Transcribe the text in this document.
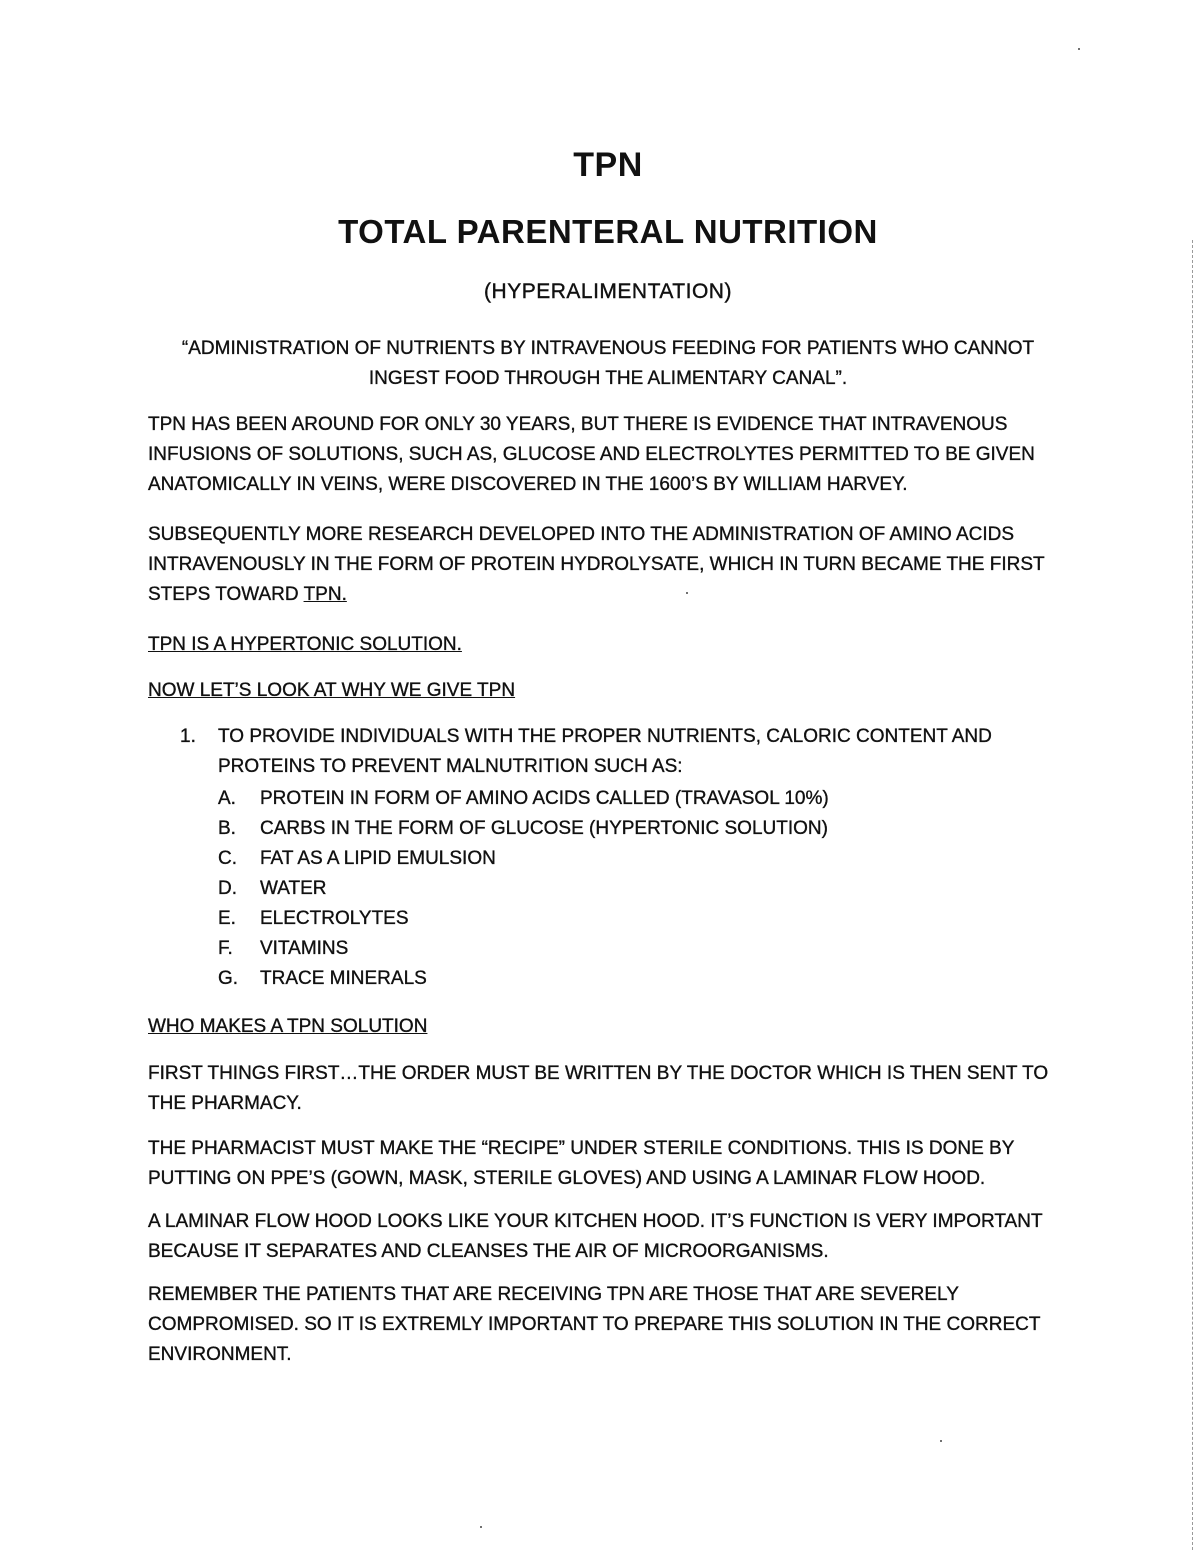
TPN
TOTAL PARENTERAL NUTRITION
(HYPERALIMENTATION)

“ADMINISTRATION OF NUTRIENTS BY INTRAVENOUS FEEDING FOR PATIENTS WHO CANNOT INGEST FOOD THROUGH THE ALIMENTARY CANAL”.

TPN HAS BEEN AROUND FOR ONLY 30 YEARS, BUT THERE IS EVIDENCE THAT INTRAVENOUS INFUSIONS OF SOLUTIONS, SUCH AS, GLUCOSE AND ELECTROLYTES PERMITTED TO BE GIVEN ANATOMICALLY IN VEINS, WERE DISCOVERED IN THE 1600’S BY WILLIAM HARVEY.

SUBSEQUENTLY MORE RESEARCH DEVELOPED INTO THE ADMINISTRATION OF AMINO ACIDS INTRAVENOUSLY IN THE FORM OF PROTEIN HYDROLYSATE, WHICH IN TURN BECAME THE FIRST STEPS TOWARD TPN.

TPN IS A HYPERTONIC SOLUTION.

NOW LET’S LOOK AT WHY WE GIVE TPN

1.	TO PROVIDE INDIVIDUALS WITH THE PROPER NUTRIENTS, CALORIC CONTENT AND PROTEINS TO PREVENT MALNUTRITION SUCH AS:
A.	PROTEIN IN FORM OF AMINO ACIDS CALLED (TRAVASOL 10%)
B.	CARBS IN THE FORM OF GLUCOSE (HYPERTONIC SOLUTION)
C.	FAT AS A LIPID EMULSION
D.	WATER
E.	ELECTROLYTES
F.	VITAMINS
G.	TRACE MINERALS

WHO MAKES A TPN SOLUTION

FIRST THINGS FIRST…THE ORDER MUST BE WRITTEN BY THE DOCTOR WHICH IS THEN SENT TO THE PHARMACY.

THE PHARMACIST MUST MAKE THE “RECIPE” UNDER STERILE CONDITIONS. THIS IS DONE BY PUTTING ON PPE’S (GOWN, MASK, STERILE GLOVES) AND USING A LAMINAR FLOW HOOD.

A LAMINAR FLOW HOOD LOOKS LIKE YOUR KITCHEN HOOD. IT’S FUNCTION IS VERY IMPORTANT BECAUSE IT SEPARATES AND CLEANSES THE AIR OF MICROORGANISMS.

REMEMBER THE PATIENTS THAT ARE RECEIVING TPN ARE THOSE THAT ARE SEVERELY COMPROMISED. SO IT IS EXTREMLY IMPORTANT TO PREPARE THIS SOLUTION IN THE CORRECT ENVIRONMENT.
